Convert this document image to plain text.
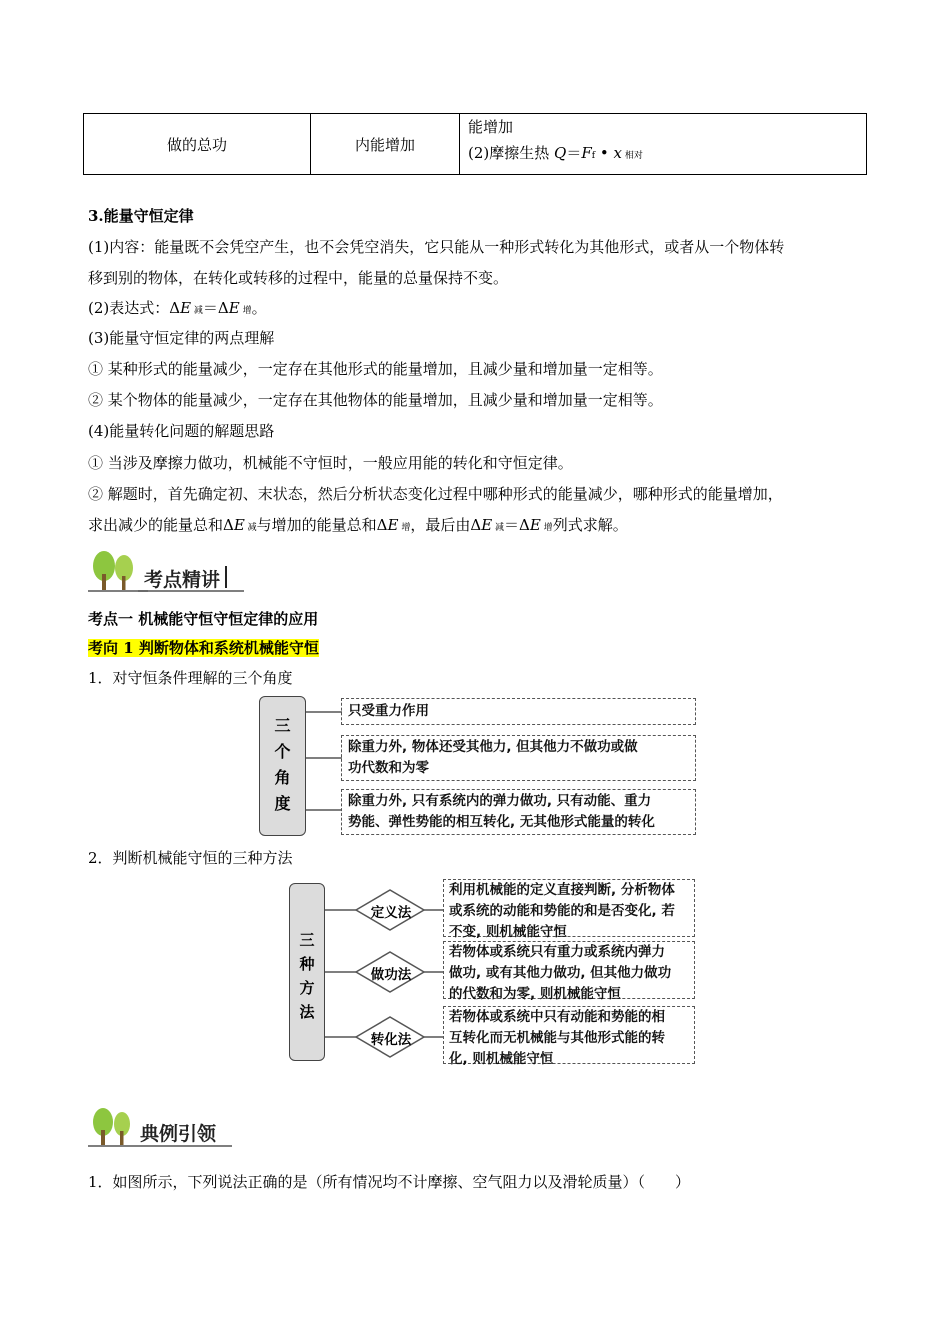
做的总功	内能增加	
能增加
(2)摩擦生热 Q＝Ff • x 相对
3.能量守恒定律
(1)内容：能量既不会凭空产生，也不会凭空消失，它只能从一种形式转化为其他形式，或者从一个物体转
移到别的物体，在转化或转移的过程中，能量的总量保持不变。
(2)表达式：ΔE 减＝ΔE 增。
(3)能量守恒定律的两点理解
① 某种形式的能量减少，一定存在其他形式的能量增加，且减少量和增加量一定相等。
② 某个物体的能量减少，一定存在其他物体的能量增加，且减少量和增加量一定相等。
(4)能量转化问题的解题思路
① 当涉及摩擦力做功，机械能不守恒时，一般应用能的转化和守恒定律。
② 解题时，首先确定初、末状态，然后分析状态变化过程中哪种形式的能量减少，哪种形式的能量增加，
求出减少的能量总和ΔE 减与增加的能量总和ΔE 增，最后由ΔE 减＝ΔE 增列式求解。
考点精讲
考点一 机械能守恒守恒定律的应用
考向 1 判断物体和系统机械能守恒
1．对守恒条件理解的三个角度
三
个
角
度
只受重力作用
除重力外, 物体还受其他力, 但其他力不做功或做
功代数和为零
除重力外, 只有系统内的弹力做功, 只有动能、重力
势能、弹性势能的相互转化, 无其他形式能量的转化
2．判断机械能守恒的三种方法
三
种
方
法
定义法
做功法
转化法
利用机械能的定义直接判断, 分析物体
或系统的动能和势能的和是否变化, 若
不变, 则机械能守恒
若物体或系统只有重力或系统内弹力
做功, 或有其他力做功, 但其他力做功
的代数和为零, 则机械能守恒
若物体或系统中只有动能和势能的相
互转化而无机械能与其他形式能的转
化, 则机械能守恒
典例引领
1．如图所示，下列说法正确的是（所有情况均不计摩擦、空气阻力以及滑轮质量）（　　）
